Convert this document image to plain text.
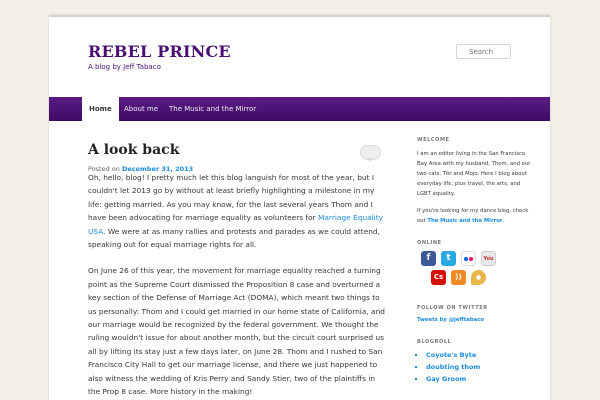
REBEL PRINCE
A blog by Jeff Tabaco
Search
Home	About me	The Music and the Mirror
A look back
Posted on December 31, 2013

Oh, hello, blog! I pretty much let this blog languish for most of the year, but I couldn't let 2013 go by without at least briefly highlighting a milestone in my life: getting married. As you may know, for the last several years Thom and I have been advocating for marriage equality as volunteers for Marriage Equality USA. We were at as many rallies and protests and parades as we could attend, speaking out for equal marriage rights for all.

On June 26 of this year, the movement for marriage equality reached a turning point as the Supreme Court dismissed the Proposition 8 case and overturned a key section of the Defense of Marriage Act (DOMA), which meant two things to us personally: Thom and I could get married in our home state of California, and our marriage would be recognized by the federal government. We thought the ruling wouldn't issue for about another month, but the circuit court surprised us all by lifting its stay just a few days later, on June 28. Thom and I rushed to San Francisco City Hall to get our marriage license, and there we just happened to also witness the wedding of Kris Perry and Sandy Stier, two of the plaintiffs in the Prop 8 case. More history in the making!

WELCOME

I am an editor living in the San Francisco Bay Area with my husband, Thom, and our two cats, Tiki and Mojo. Here I blog about everyday life, plus travel, the arts, and LGBT equality.

If you're looking for my dance blog, check out The Music and the Mirror.

ONLINE
f	t	You
Cs	))	●
FOLLOW ON TWITTER

Tweets by @jefftabaco

BLOGROLL
▪ Coyote's Byte
▪ doubting thom
▪ Gay Groom
